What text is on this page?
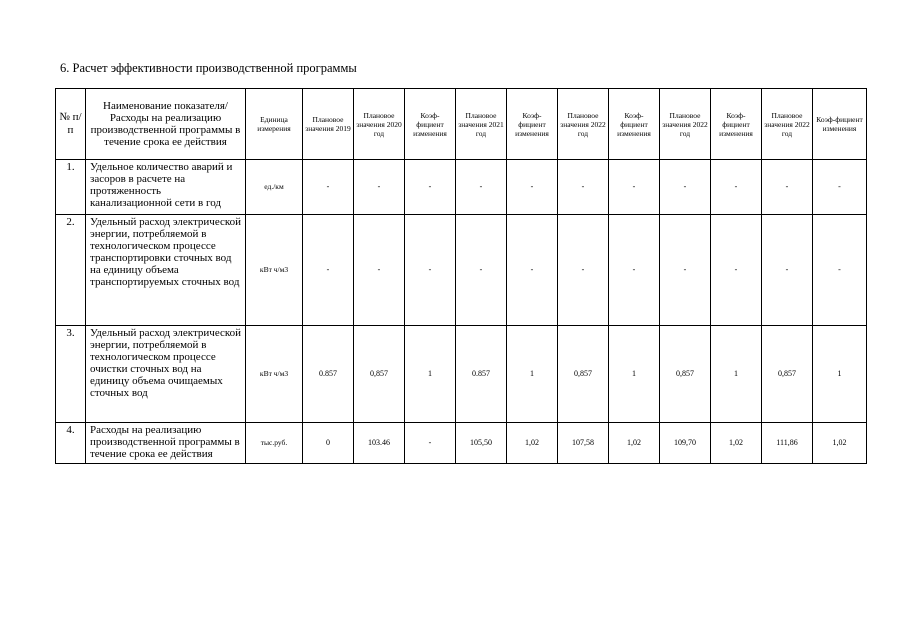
6. Расчет эффективности производственной программы
№ п/п	Наименование показателя/Расходы на реализацию производственной программы в течение срока ее действия	Единица измерения	Плановое значения 2019	Плановое значения 2020 год	Коэф-фициент изменения	Плановое значения 2021 год	Коэф-фициент изменения	Плановое значения 2022 год	Коэф-фициент изменения	Плановое значения 2022 год	Коэф-фициент изменения	Плановое значения 2022 год	Коэф-фициент изменения
1.	Удельное количество аварий и засоров в расчете на протяженность канализационной сети в год	ед./км	-	-	-	-	-	-	-	-	-	-	-
2.	Удельный расход электрической энергии, потребляемой в технологическом процессе транспортировки сточных вод на единицу объема транспортируемых сточных вод	кВт ч/м3	-	-	-	-	-	-	-	-	-	-	-
3.	Удельный расход электрической энергии, потребляемой в технологическом процессе очистки сточных вод на единицу объема очищаемых сточных вод	кВт ч/м3	0.857	0,857	1	0.857	1	0,857	1	0,857	1	0,857	1
4.	Расходы на реализацию производственной программы в течение срока ее действия	тыс.руб.	0	103.46	-	105,50	1,02	107,58	1,02	109,70	1,02	111,86	1,02
